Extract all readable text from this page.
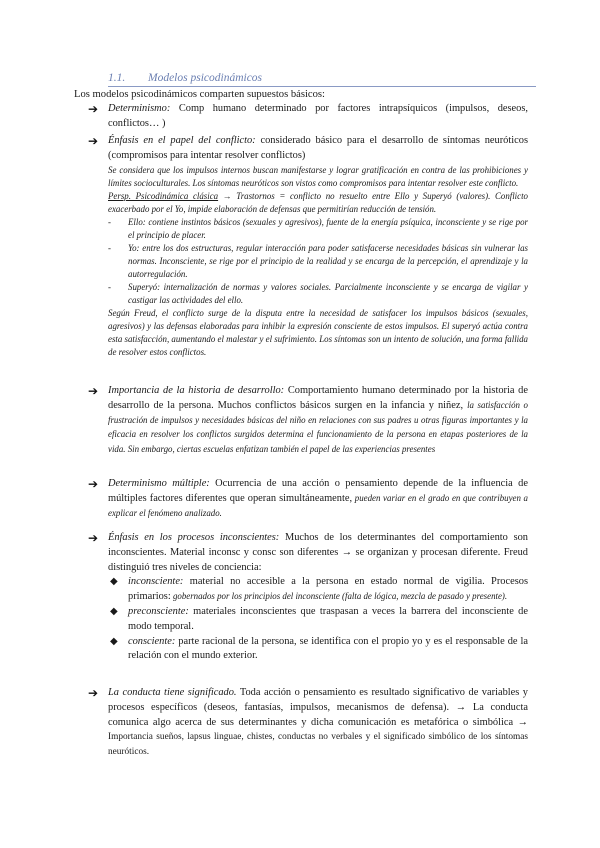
1.1. Modelos psicodinámicos
Los modelos psicodinámicos comparten supuestos básicos:
➔ Determinismo: Comp humano determinado por factores intrapsíquicos (impulsos, deseos, conflictos… )
➔ Énfasis en el papel del conflicto: considerado básico para el desarrollo de síntomas neuróticos (compromisos para intentar resolver conflictos)
Se considera que los impulsos internos buscan manifestarse y lograr gratificación en contra de las prohibiciones y límites socioculturales. Los síntomas neuróticos son vistos como compromisos para intentar resolver este conflicto.
Persp. Psicodinámica clásica → Trastornos = conflicto no resuelto entre Ello y Superyó (valores). Conflicto exacerbado por el Yo, impide elaboración de defensas que permitirían reducción de tensión.
- Ello: contiene instintos básicos (sexuales y agresivos), fuente de la energía psíquica, inconsciente y se rige por el principio de placer.
- Yo: entre los dos estructuras, regular interacción para poder satisfacerse necesidades básicas sin vulnerar las normas. Inconsciente, se rige por el principio de la realidad y se encarga de la percepción, el aprendizaje y la autorregulación.
- Superyó: internalización de normas y valores sociales. Parcialmente inconsciente y se encarga de vigilar y castigar las actividades del ello.
Según Freud, el conflicto surge de la disputa entre la necesidad de satisfacer los impulsos básicos (sexuales, agresivos) y las defensas elaboradas para inhibir la expresión consciente de estos impulsos. El superyó actúa contra esta satisfacción, aumentando el malestar y el sufrimiento. Los síntomas son un intento de solución, una forma fallida de resolver estos conflictos.
➔ Importancia de la historia de desarrollo: Comportamiento humano determinado por la historia de desarrollo de la persona. Muchos conflictos básicos surgen en la infancia y niñez, la satisfacción o frustración de impulsos y necesidades básicas del niño en relaciones con sus padres u otras figuras importantes y la eficacia en resolver los conflictos surgidos determina el funcionamiento de la persona en etapas posteriores de la vida. Sin embargo, ciertas escuelas enfatizan también el papel de las experiencias presentes
➔ Determinismo múltiple: Ocurrencia de una acción o pensamiento depende de la influencia de múltiples factores diferentes que operan simultáneamente, pueden variar en el grado en que contribuyen a explicar el fenómeno analizado.
➔ Énfasis en los procesos inconscientes: Muchos de los determinantes del comportamiento son inconscientes. Material inconsc y consc son diferentes → se organizan y procesan diferente. Freud distinguió tres niveles de conciencia:
◆ inconsciente: material no accesible a la persona en estado normal de vigilia. Procesos primarios: gobernados por los principios del inconsciente (falta de lógica, mezcla de pasado y presente).
◆ preconsciente: materiales inconscientes que traspasan a veces la barrera del inconsciente de modo temporal.
◆ consciente: parte racional de la persona, se identifica con el propio yo y es el responsable de la relación con el mundo exterior.
➔ La conducta tiene significado. Toda acción o pensamiento es resultado significativo de variables y procesos específicos (deseos, fantasías, impulsos, mecanismos de defensa). → La conducta comunica algo acerca de sus determinantes y dicha comunicación es metafórica o simbólica → Importancia sueños, lapsus linguae, chistes, conductas no verbales y el significado simbólico de los síntomas neuróticos.
